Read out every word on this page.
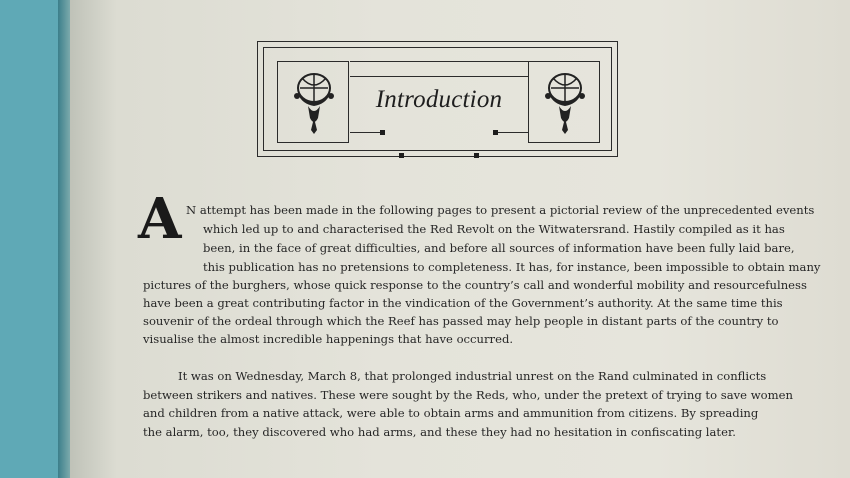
Introduction
A N attempt has been made in the following pages to present a pictorial review of the unprecedented events
which led up to and characterised the Red Revolt on the Witwatersrand. Hastily compiled as it has
been, in the face of great difficulties, and before all sources of information have been fully laid bare,
this publication has no pretensions to completeness. It has, for instance, been impossible to obtain many
pictures of the burghers, whose quick response to the country’s call and wonderful mobility and resourcefulness
have been a great contributing factor in the vindication of the Government’s authority. At the same time this
souvenir of the ordeal through which the Reef has passed may help people in distant parts of the country to
visualise the almost incredible happenings that have occurred.
It was on Wednesday, March 8, that prolonged industrial unrest on the Rand culminated in conflicts
between strikers and natives. These were sought by the Reds, who, under the pretext of trying to save women
and children from a native attack, were able to obtain arms and ammunition from citizens. By spreading
the alarm, too, they discovered who had arms, and these they had no hesitation in confiscating later.
